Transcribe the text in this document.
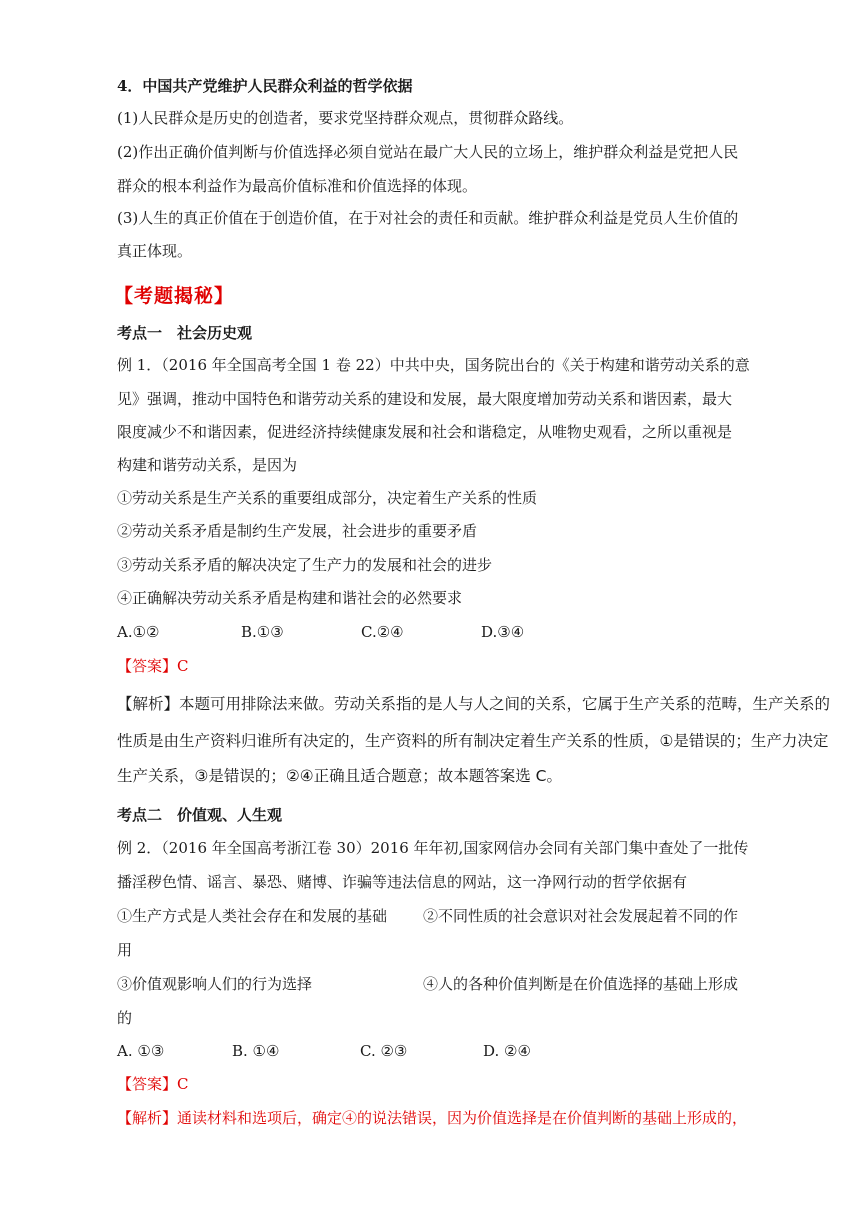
4．中国共产党维护人民群众利益的哲学依据
(1)人民群众是历史的创造者，要求党坚持群众观点，贯彻群众路线。
(2)作出正确价值判断与价值选择必须自觉站在最广大人民的立场上，维护群众利益是党把人民
群众的根本利益作为最高价值标准和价值选择的体现。
(3)人生的真正价值在于创造价值，在于对社会的责任和贡献。维护群众利益是党员人生价值的
真正体现。
【考题揭秘】
考点一　社会历史观
例 1．（2016 年全国高考全国 1 卷 22）中共中央，国务院出台的《关于构建和谐劳动关系的意
见》强调，推动中国特色和谐劳动关系的建设和发展，最大限度增加劳动关系和谐因素，最大
限度减少不和谐因素，促进经济持续健康发展和社会和谐稳定，从唯物史观看，之所以重视是
构建和谐劳动关系，是因为
①劳动关系是生产关系的重要组成部分，决定着生产关系的性质
②劳动关系矛盾是制约生产发展，社会进步的重要矛盾
③劳动关系矛盾的解决决定了生产力的发展和社会的进步
④正确解决劳动关系矛盾是构建和谐社会的必然要求
A.①②	B.①③	C.②④	D.③④
【答案】C
【解析】本题可用排除法来做。劳动关系指的是人与人之间的关系，它属于生产关系的范畴，生产关系的
性质是由生产资料归谁所有决定的，生产资料的所有制决定着生产关系的性质，①是错误的；生产力决定
生产关系，③是错误的；②④正确且适合题意；故本题答案选 C。
考点二　价值观、人生观
例 2．（2016 年全国高考浙江卷 30）2016 年年初,国家网信办会同有关部门集中查处了一批传
播淫秽色情、谣言、暴恐、赌博、诈骗等违法信息的网站，这一净网行动的哲学依据有
①生产方式是人类社会存在和发展的基础 ②不同性质的社会意识对社会发展起着不同的作
用
③价值观影响人们的行为选择	④人的各种价值判断是在价值选择的基础上形成
的
A. ①③	B. ①④	C. ②③	D. ②④
【答案】C
【解析】通读材料和选项后，确定④的说法错误，因为价值选择是在价值判断的基础上形成的，
